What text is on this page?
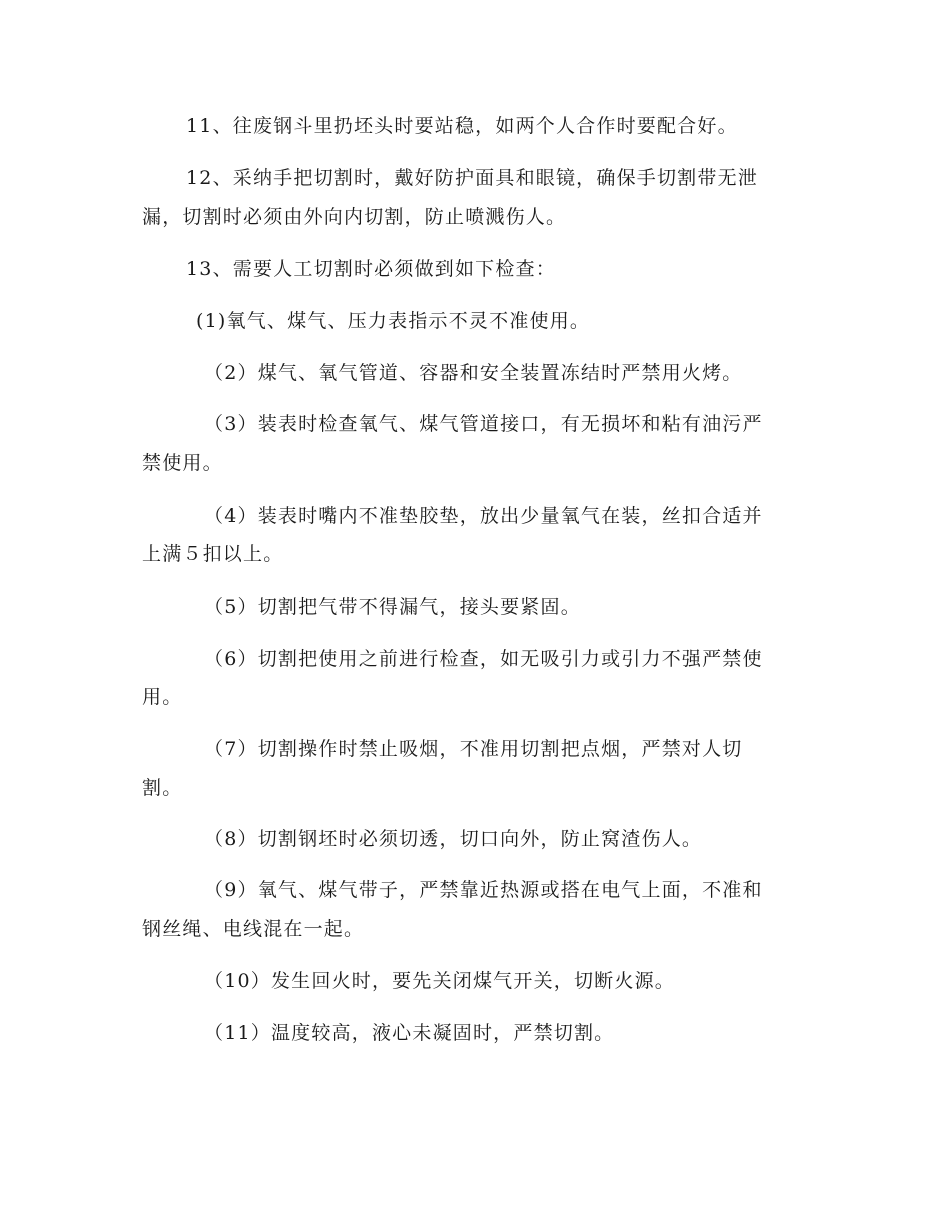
11、往废钢斗里扔坯头时要站稳，如两个人合作时要配合好。
12、采纳手把切割时，戴好防护面具和眼镜，确保手切割带无泄
漏，切割时必须由外向内切割，防止喷溅伤人。
13、需要人工切割时必须做到如下检查：
(1)氧气、煤气、压力表指示不灵不准使用。
（2）煤气、氧气管道、容器和安全装置冻结时严禁用火烤。
（3）装表时检查氧气、煤气管道接口，有无损坏和粘有油污严
禁使用。
（4）装表时嘴内不准垫胶垫，放出少量氧气在装，丝扣合适并
上满５扣以上。
（5）切割把气带不得漏气，接头要紧固。
（6）切割把使用之前进行检查，如无吸引力或引力不强严禁使
用。
（7）切割操作时禁止吸烟，不准用切割把点烟，严禁对人切
割。
（8）切割钢坯时必须切透，切口向外，防止窝渣伤人。
（9）氧气、煤气带子，严禁靠近热源或搭在电气上面，不准和
钢丝绳、电线混在一起。
（10）发生回火时，要先关闭煤气开关，切断火源。
（11）温度较高，液心未凝固时，严禁切割。
